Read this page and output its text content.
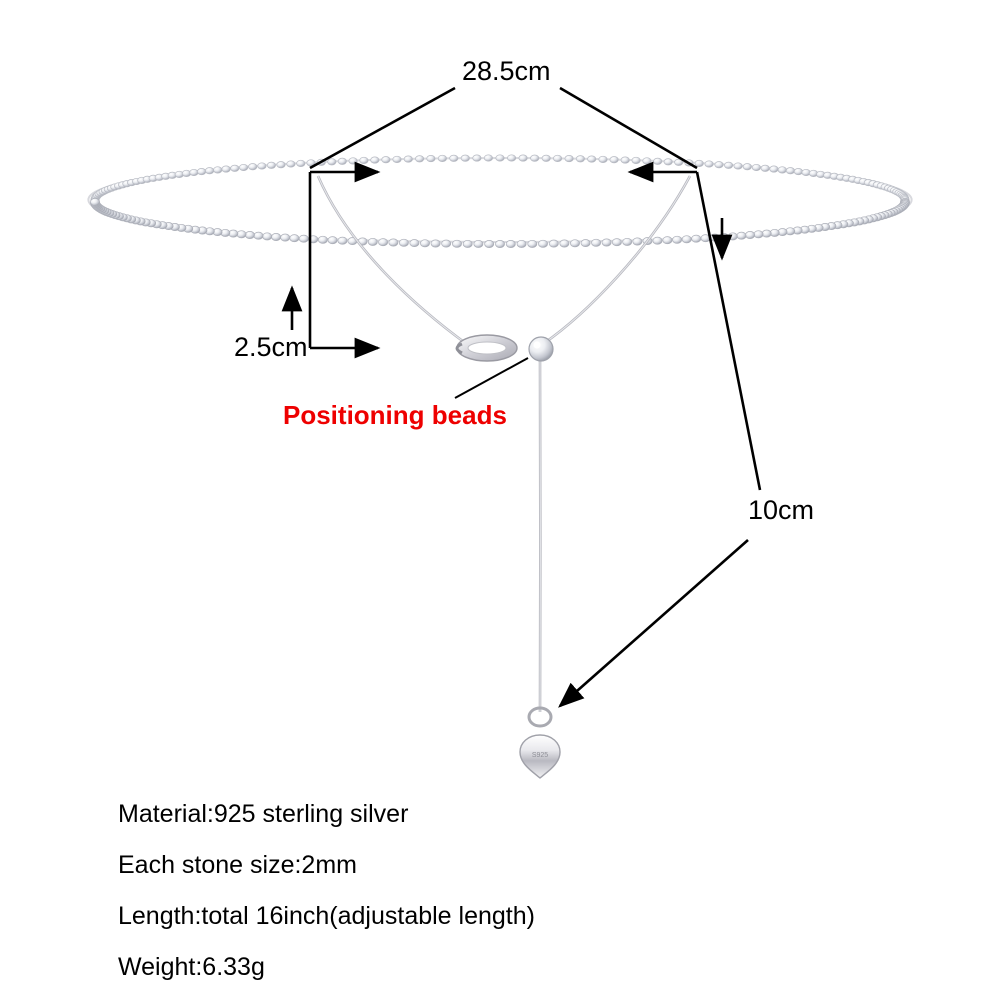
S925
28.5cm
2.5cm
10cm
Positioning beads
Material:925 sterling silver
Each stone size:2mm
Length:total 16inch(adjustable length)
Weight:6.33g
